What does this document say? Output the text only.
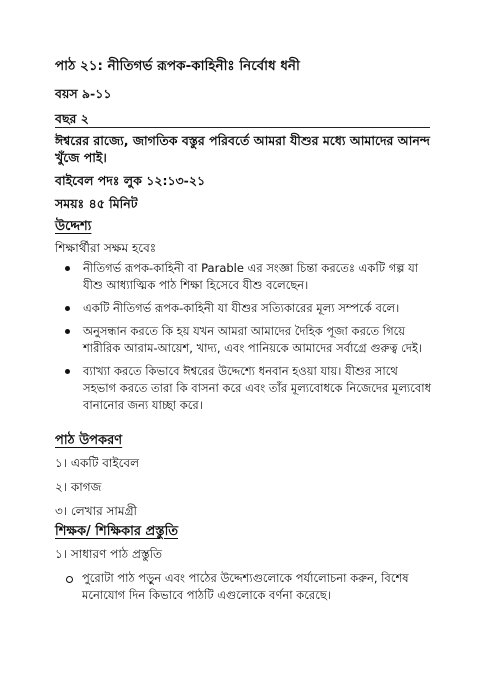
পাঠ ২১: নীতিগর্ভ রূপক-কাহিনীঃ নির্বোধ ধনী
বয়স ৯-১১
বছর ২
ঈশ্বরের রাজ্যে, জাগতিক বস্তুর পরিবর্তে আমরা যীশুর মধ্যে আমাদের আনন্দ খুঁজে পাই।
বাইবেল পদঃ লুক ১২:১৩-২১
সময়ঃ ৪৫ মিনিট
উদ্দেশ্য
শিক্ষার্থীরা সক্ষম হবেঃ
নীতিগর্ভ রূপক-কাহিনী বা Parable এর সংজ্ঞা চিন্তা করতেঃ একটি গল্প যা যীশু আধ্যাত্মিক পাঠ শিক্ষা হিসেবে যীশু বলেছেন।
একটি নীতিগর্ভ রূপক-কাহিনী যা যীশুর সত্যিকারের মূল্য সম্পর্কে বলে।
অনুসন্ধান করতে কি হয় যখন আমরা আমাদের দৈহিক পূজা করতে গিয়ে শারীরিক আরাম-আয়েশ, খাদ্য, এবং পানিয়কে আমাদের সর্বাগ্রে গুরুত্ব দেই।
ব্যাখ্যা করতে কিভাবে ঈশ্বরের উদ্দেশ্যে ধনবান হওয়া যায়। যীশুর সাথে সহভাগ করতে তারা কি বাসনা করে এবং তাঁর মূল্যবোধকে নিজেদের মূল্যবোধ বানানোর জন্য যাচ্ছা করে।
পাঠ উপকরণ
১। একটি বাইবেল
২। কাগজ
৩। লেখার সামগ্রী
শিক্ষক/ শিক্ষিকার প্রস্তুতি
১। সাধারণ পাঠ প্রস্তুতি
পুরোটা পাঠ পড়ুন এবং পাঠের উদ্দেশ্যগুলোকে পর্যালোচনা করুন, বিশেষ মনোযোগ দিন কিভাবে পাঠটি এগুলোকে বর্ণনা করেছে।
